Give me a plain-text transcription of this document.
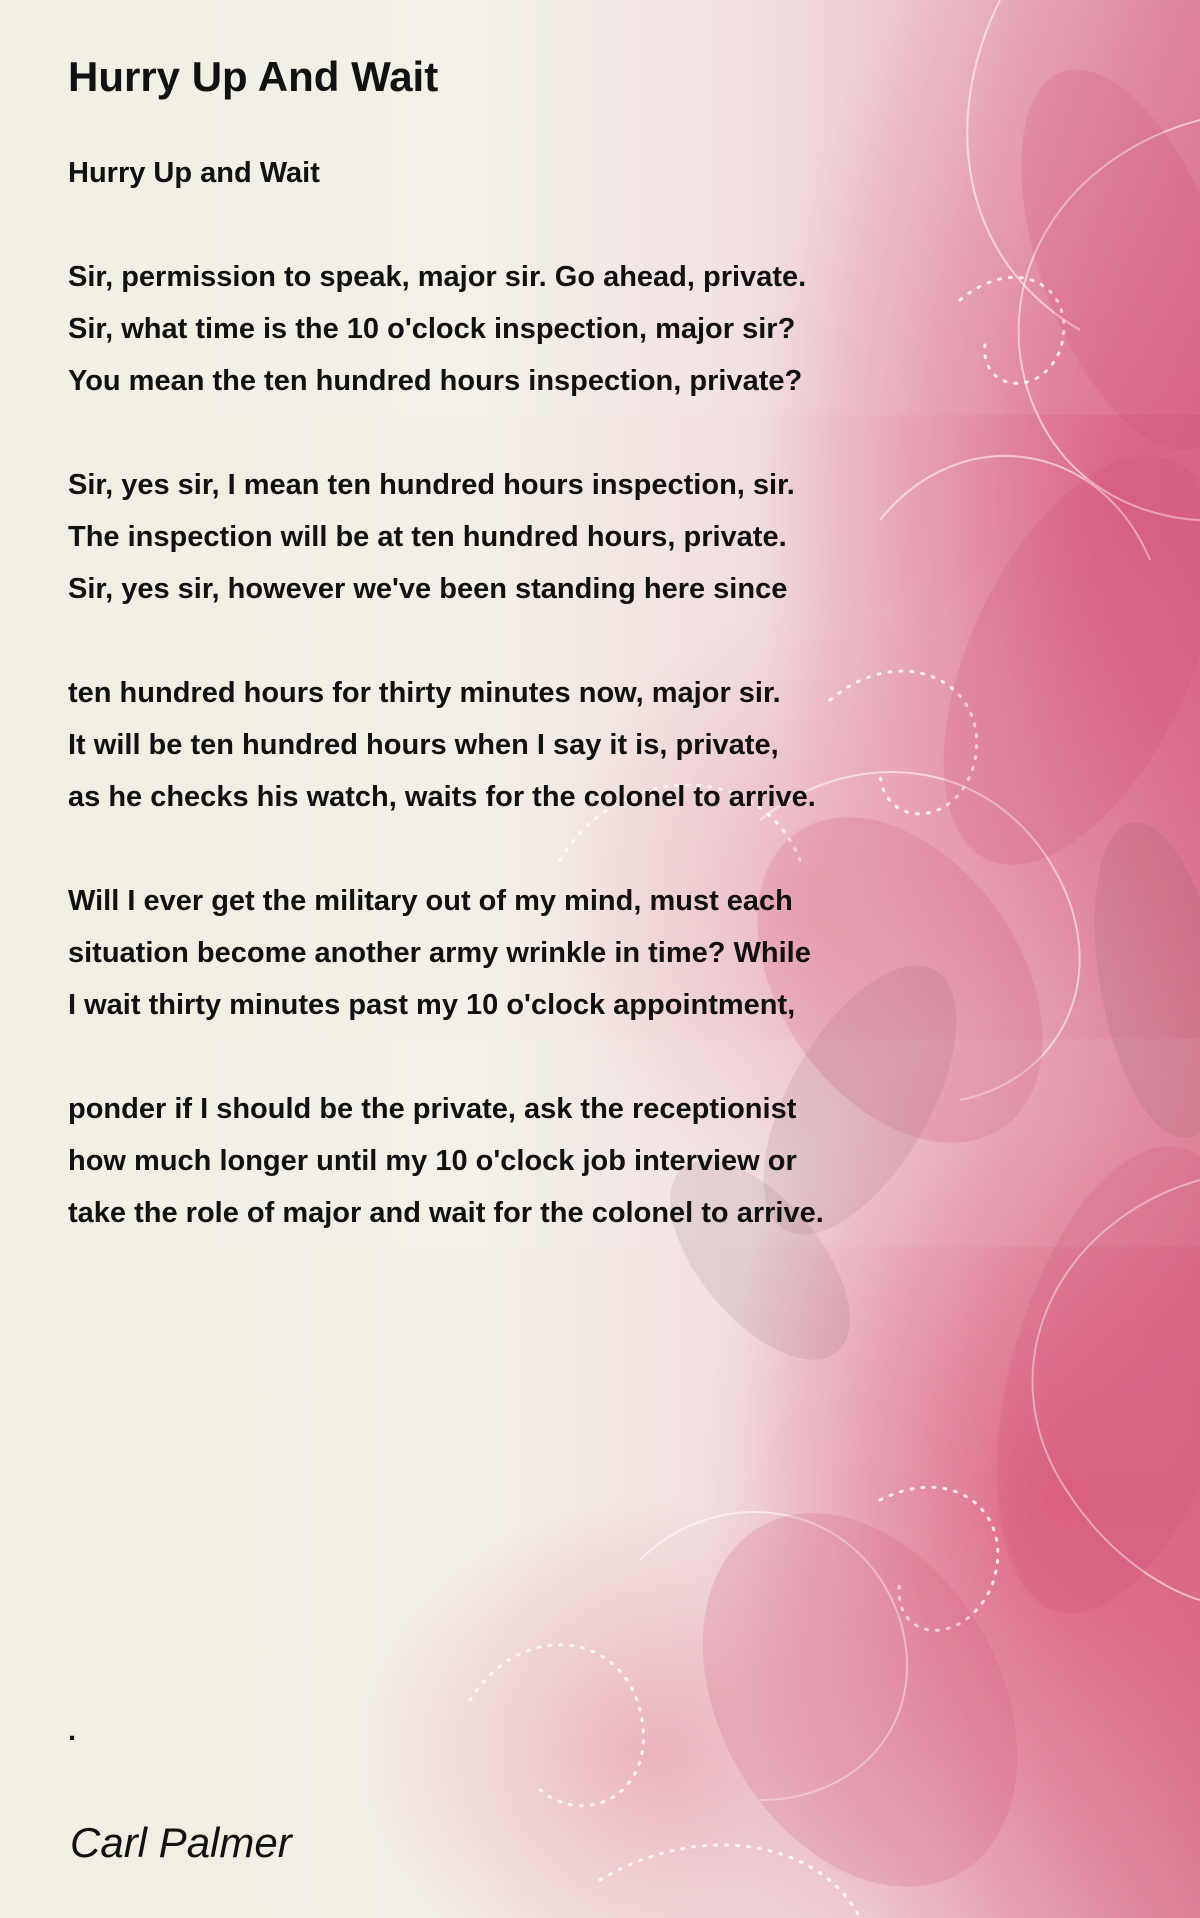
Hurry Up And Wait
Hurry Up and Wait
Sir, permission to speak, major sir. Go ahead, private.
Sir, what time is the 10 o'clock inspection, major sir?
You mean the ten hundred hours inspection, private?
Sir, yes sir, I mean ten hundred hours inspection, sir.
The inspection will be at ten hundred hours, private.
Sir, yes sir, however we've been standing here since
ten hundred hours for thirty minutes now, major sir.
It will be ten hundred hours when I say it is, private,
as he checks his watch, waits for the colonel to arrive.
Will I ever get the military out of my mind, must each
situation become another army wrinkle in time? While
I wait thirty minutes past my 10 o'clock appointment,
ponder if I should be the private, ask the receptionist
how much longer until my 10 o'clock job interview or
take the role of major and wait for the colonel to arrive.
.
Carl Palmer
